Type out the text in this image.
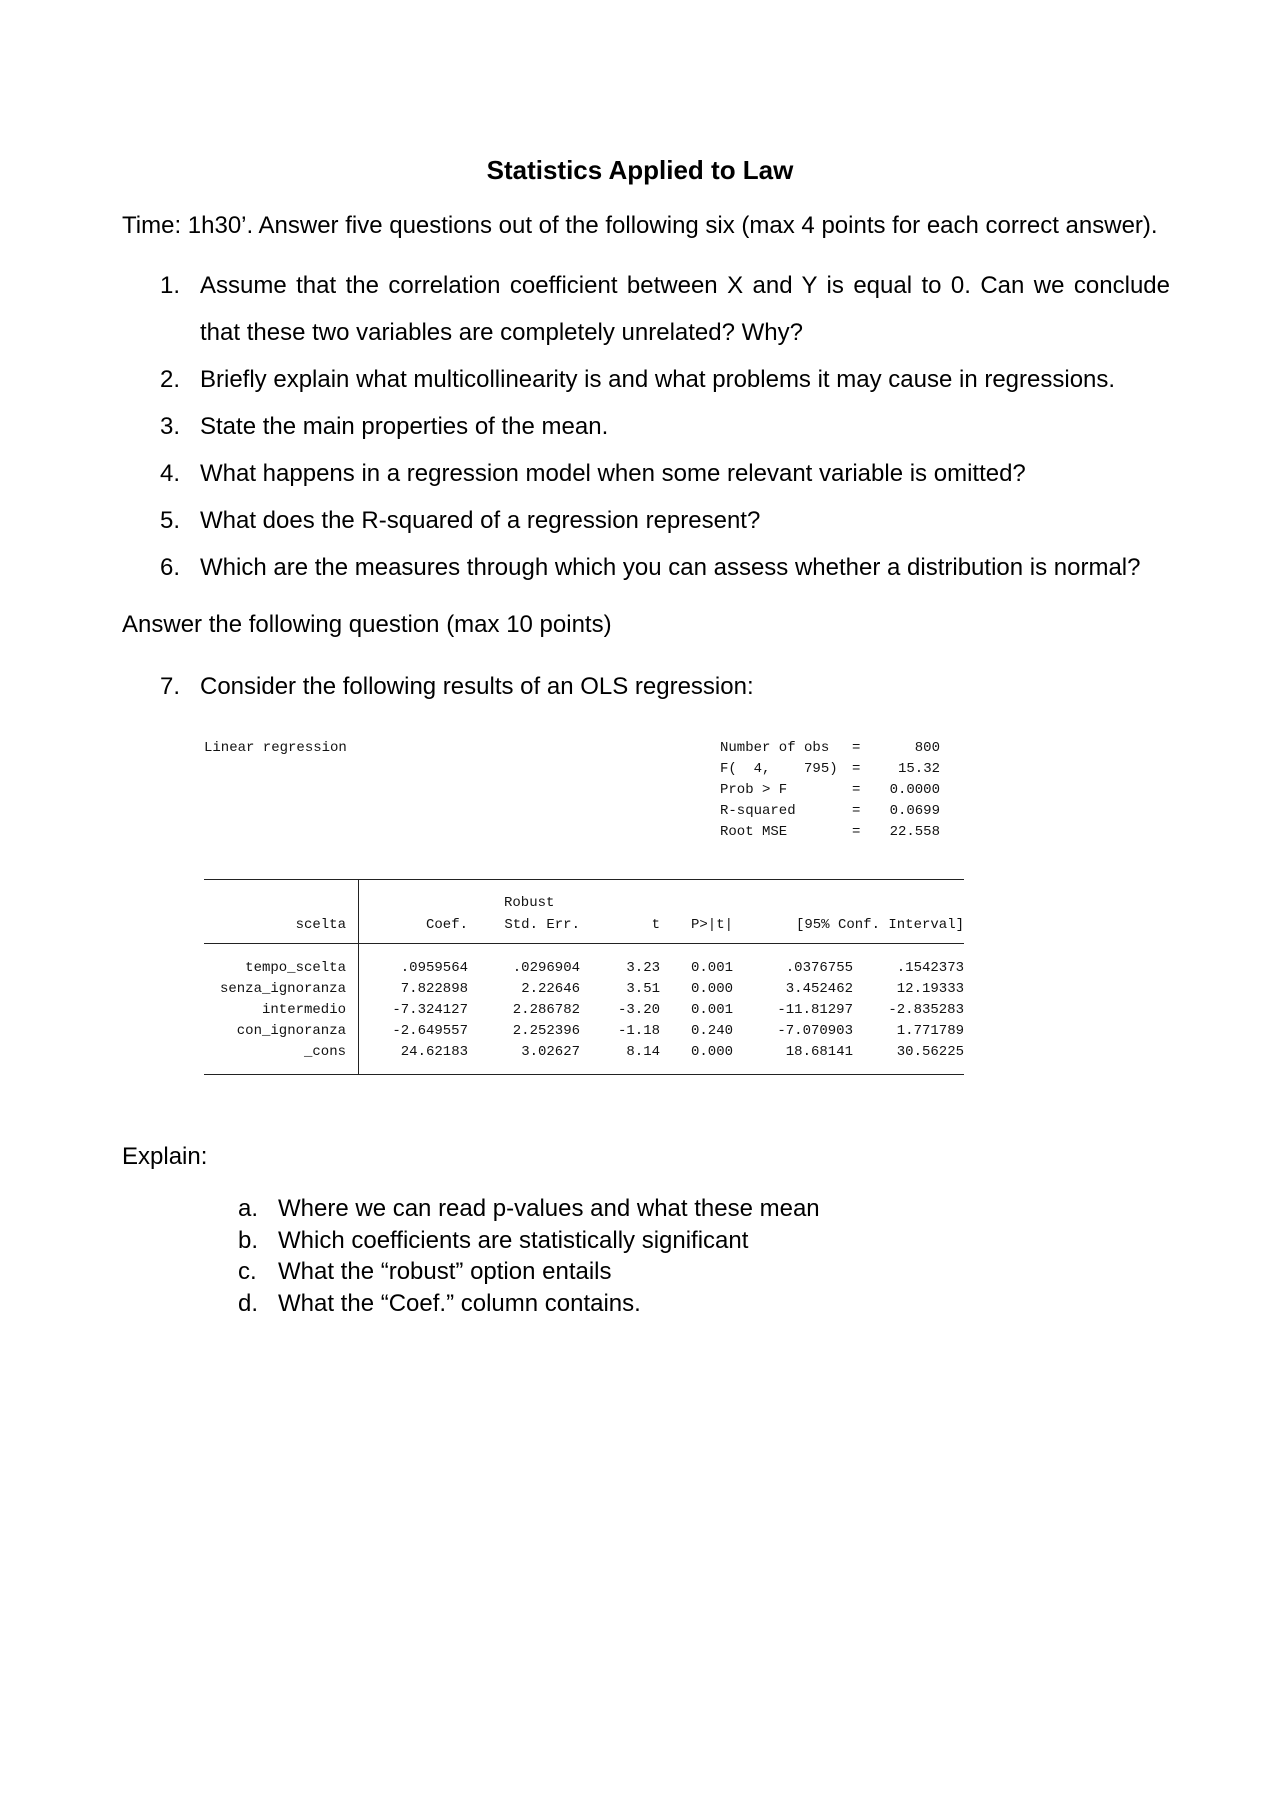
Statistics Applied to Law
Time: 1h30’. Answer five questions out of the following six (max 4 points for each correct answer).
1. Assume that the correlation coefficient between X and Y is equal to 0. Can we conclude that these two variables are completely unrelated? Why?
2. Briefly explain what multicollinearity is and what problems it may cause in regressions.
3. State the main properties of the mean.
4. What happens in a regression model when some relevant variable is omitted?
5. What does the R-squared of a regression represent?
6. Which are the measures through which you can assess whether a distribution is normal?
Answer the following question (max 10 points)
7. Consider the following results of an OLS regression:
Linear regression	Number of obs =	800
F(  4,    795) =	15.32
Prob > F	=	0.0000
R-squared	=	0.0699
Root MSE	=	22.558
Robust
scelta	Coef.	Std. Err.	t	P>|t|	[95% Conf. Interval]
tempo_scelta	.0959564	.0296904	3.23	0.001	.0376755	.1542373
senza_ignoranza	7.822898	2.22646	3.51	0.000	3.452462	12.19333
intermedio	-7.324127	2.286782	-3.20	0.001	-11.81297	-2.835283
con_ignoranza	-2.649557	2.252396	-1.18	0.240	-7.070903	1.771789
_cons	24.62183	3.02627	8.14	0.000	18.68141	30.56225
Explain:
a. Where we can read p-values and what these mean
b. Which coefficients are statistically significant
c. What the “robust” option entails
d. What the “Coef.” column contains.
